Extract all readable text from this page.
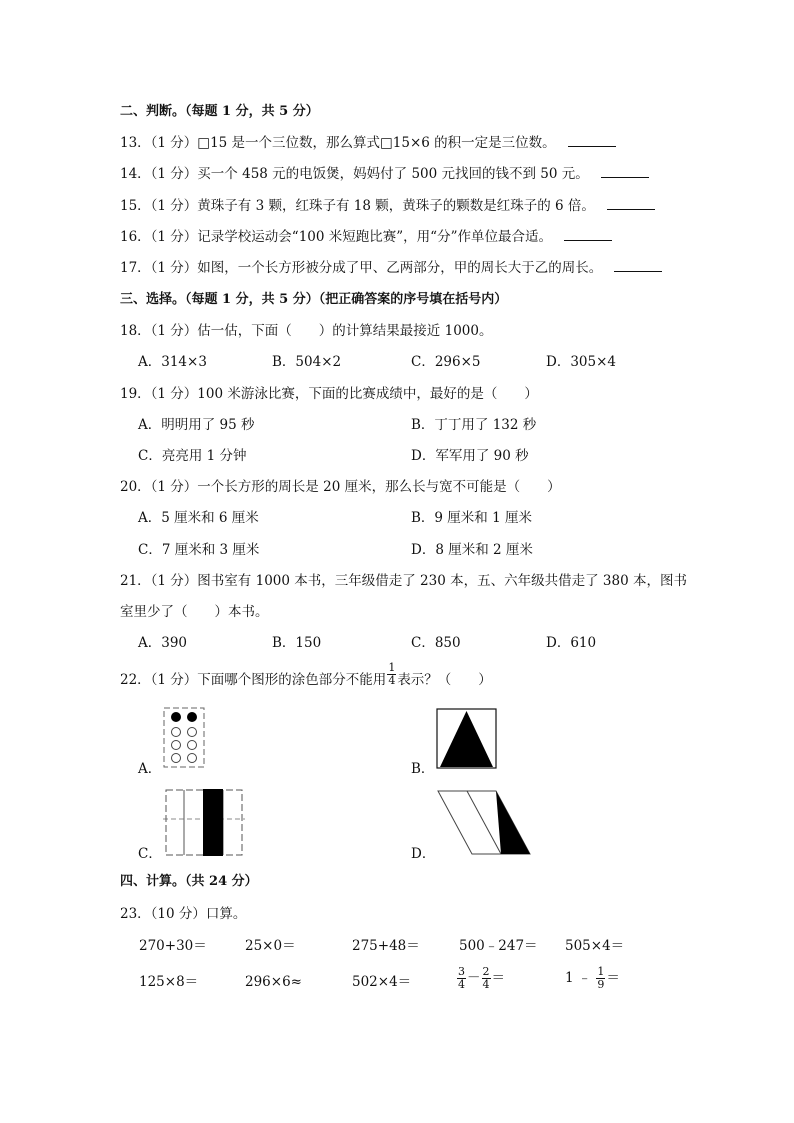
二、判断。（每题 1 分，共 5 分）
13．（1 分）□15 是一个三位数，那么算式□15×6 的积一定是三位数。
14．（1 分）买一个 458 元的电饭煲，妈妈付了 500 元找回的钱不到 50 元。
15．（1 分）黄珠子有 3 颗，红珠子有 18 颗，黄珠子的颗数是红珠子的 6 倍。
16．（1 分）记录学校运动会“100 米短跑比赛”，用“分”作单位最合适。
17．（1 分）如图，一个长方形被分成了甲、乙两部分，甲的周长大于乙的周长。
三、选择。（每题 1 分，共 5 分）（把正确答案的序号填在括号内）
18．（1 分）估一估，下面（　　）的计算结果最接近 1000。
A．314×3	B．504×2	C．296×5	D．305×4
19．（1 分）100 米游泳比赛，下面的比赛成绩中，最好的是（　　）
A．明明用了 95 秒	B．丁丁用了 132 秒
C．亮亮用 1 分钟	D．军军用了 90 秒
20．（1 分）一个长方形的周长是 20 厘米，那么长与宽不可能是（　　）
A．5 厘米和 6 厘米	B．9 厘米和 1 厘米
C．7 厘米和 3 厘米	D．8 厘米和 2 厘米
21．（1 分）图书室有 1000 本书，三年级借走了 230 本，五、六年级共借走了 380 本，图书
室里少了（　　）本书。
A．390	B．150	C．850	D．610
22．（1 分）下面哪个图形的涂色部分不能用 $\frac{1}{4}$ 表示？（　　）
A．	B．
C．	D．
四、计算。（共 24 分）
23．（10 分）口算。
270+30＝	25×0＝	275+48＝	500﹣247＝ 505×4＝
125×8＝	296×6≈	502×4＝	$\frac{3}{4} - \frac{2}{4}$ ＝	1 ﹣ $\frac{1}{9}$ ＝
